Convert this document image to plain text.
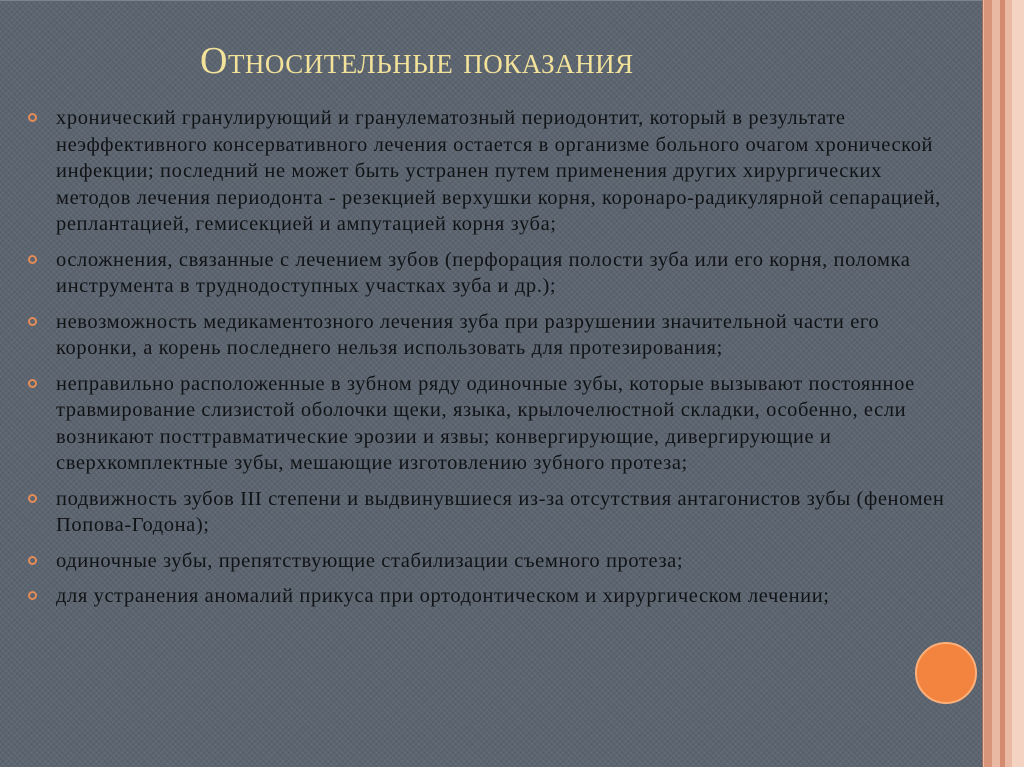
Относительные показания
хронический гранулирующий и гранулематозный периодонтит, который в результате неэффективного консервативного лечения остается в организме больного очагом хронической инфекции; последний не может быть устранен путем применения других хирургических методов лечения периодонта - резекцией верхушки корня, коронаро-радикулярной сепарацией, реплантацией, гемисекцией и ампутацией корня зуба;
осложнения, связанные с лечением зубов (перфорация полости зуба или его корня, поломка инструмента в труднодоступных участках зуба и др.);
невозможность медикаментозного лечения зуба при разрушении значительной части его коронки, а корень последнего нельзя использовать для протезирования;
неправильно расположенные в зубном ряду одиночные зубы, которые вызывают постоянное травмирование слизистой оболочки щеки, языка, крылочелюстной складки, особенно, если возникают посттравматические эрозии и язвы; конвергирующие, дивергирующие и сверхкомплектные зубы, мешающие изготовлению зубного протеза;
подвижность зубов III степени и выдвинувшиеся из-за отсутствия антагонистов зубы (феномен Попова-Годона);
одиночные зубы, препятствующие стабилизации съемного протеза;
для устранения аномалий прикуса при ортодонтическом и хирургическом лечении;
